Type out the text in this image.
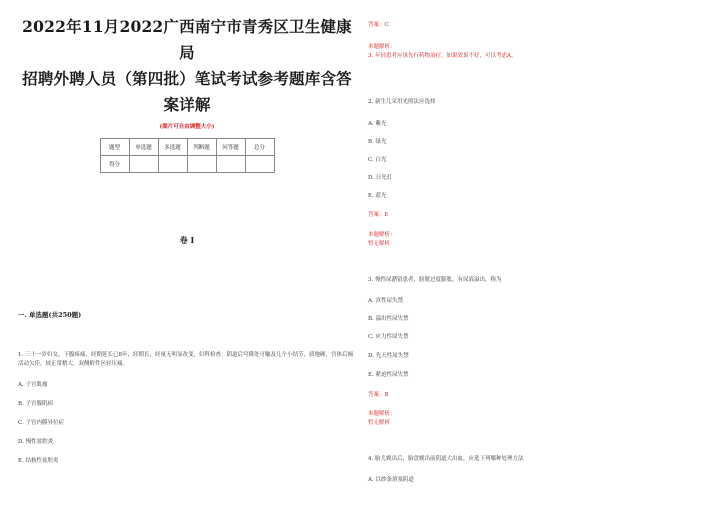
2022年11月2022广西南宁市青秀区卫生健康局
招聘外聘人员（第四批）笔试考试参考题库含答
案详解
(图片可自由调整大小)
题型	单选题	多选题	判断题	问答题	总分
得分					
卷 I
一. 单选题(共250题)
1. 三十一岁妇女，下腹疼痛，经期延长已8年，经期长，经量无明显改变，妇科检查：阴道后穹隆处可触及几个小结节，质地硬，宫体后倾活动欠佳，较正常稍大，双侧附件区轻压痛。
A. 子宫肌瘤
B. 子宫腺肌病
C. 子宫内膜异位症
D. 慢性盆腔炎
E. 结核性盆腔炎
答案：C
本题解析：
3. 年轻患者应该先行药物治疗，如果效果不好，可以考虑A。
2. 新生儿采用光照法应选择
A. 紫光
B. 绿光
C. 白光
D. 日光灯
E. 蓝光
答案：E
本题解析：
暂无解析
3. 慢性尿潴留患者，膀胱过度膨胀，有尿液溢出，称为
A. 真性尿失禁
B. 溢出性尿失禁
C. 应力性尿失禁
D. 先天性尿失禁
E. 紧迫性尿失禁
答案：B
本题解析：
暂无解析
4. 胎儿娩出后，胎盘娩出前阴道大出血，应选下列哪种处理方法
A. 以纱条填塞阴道
